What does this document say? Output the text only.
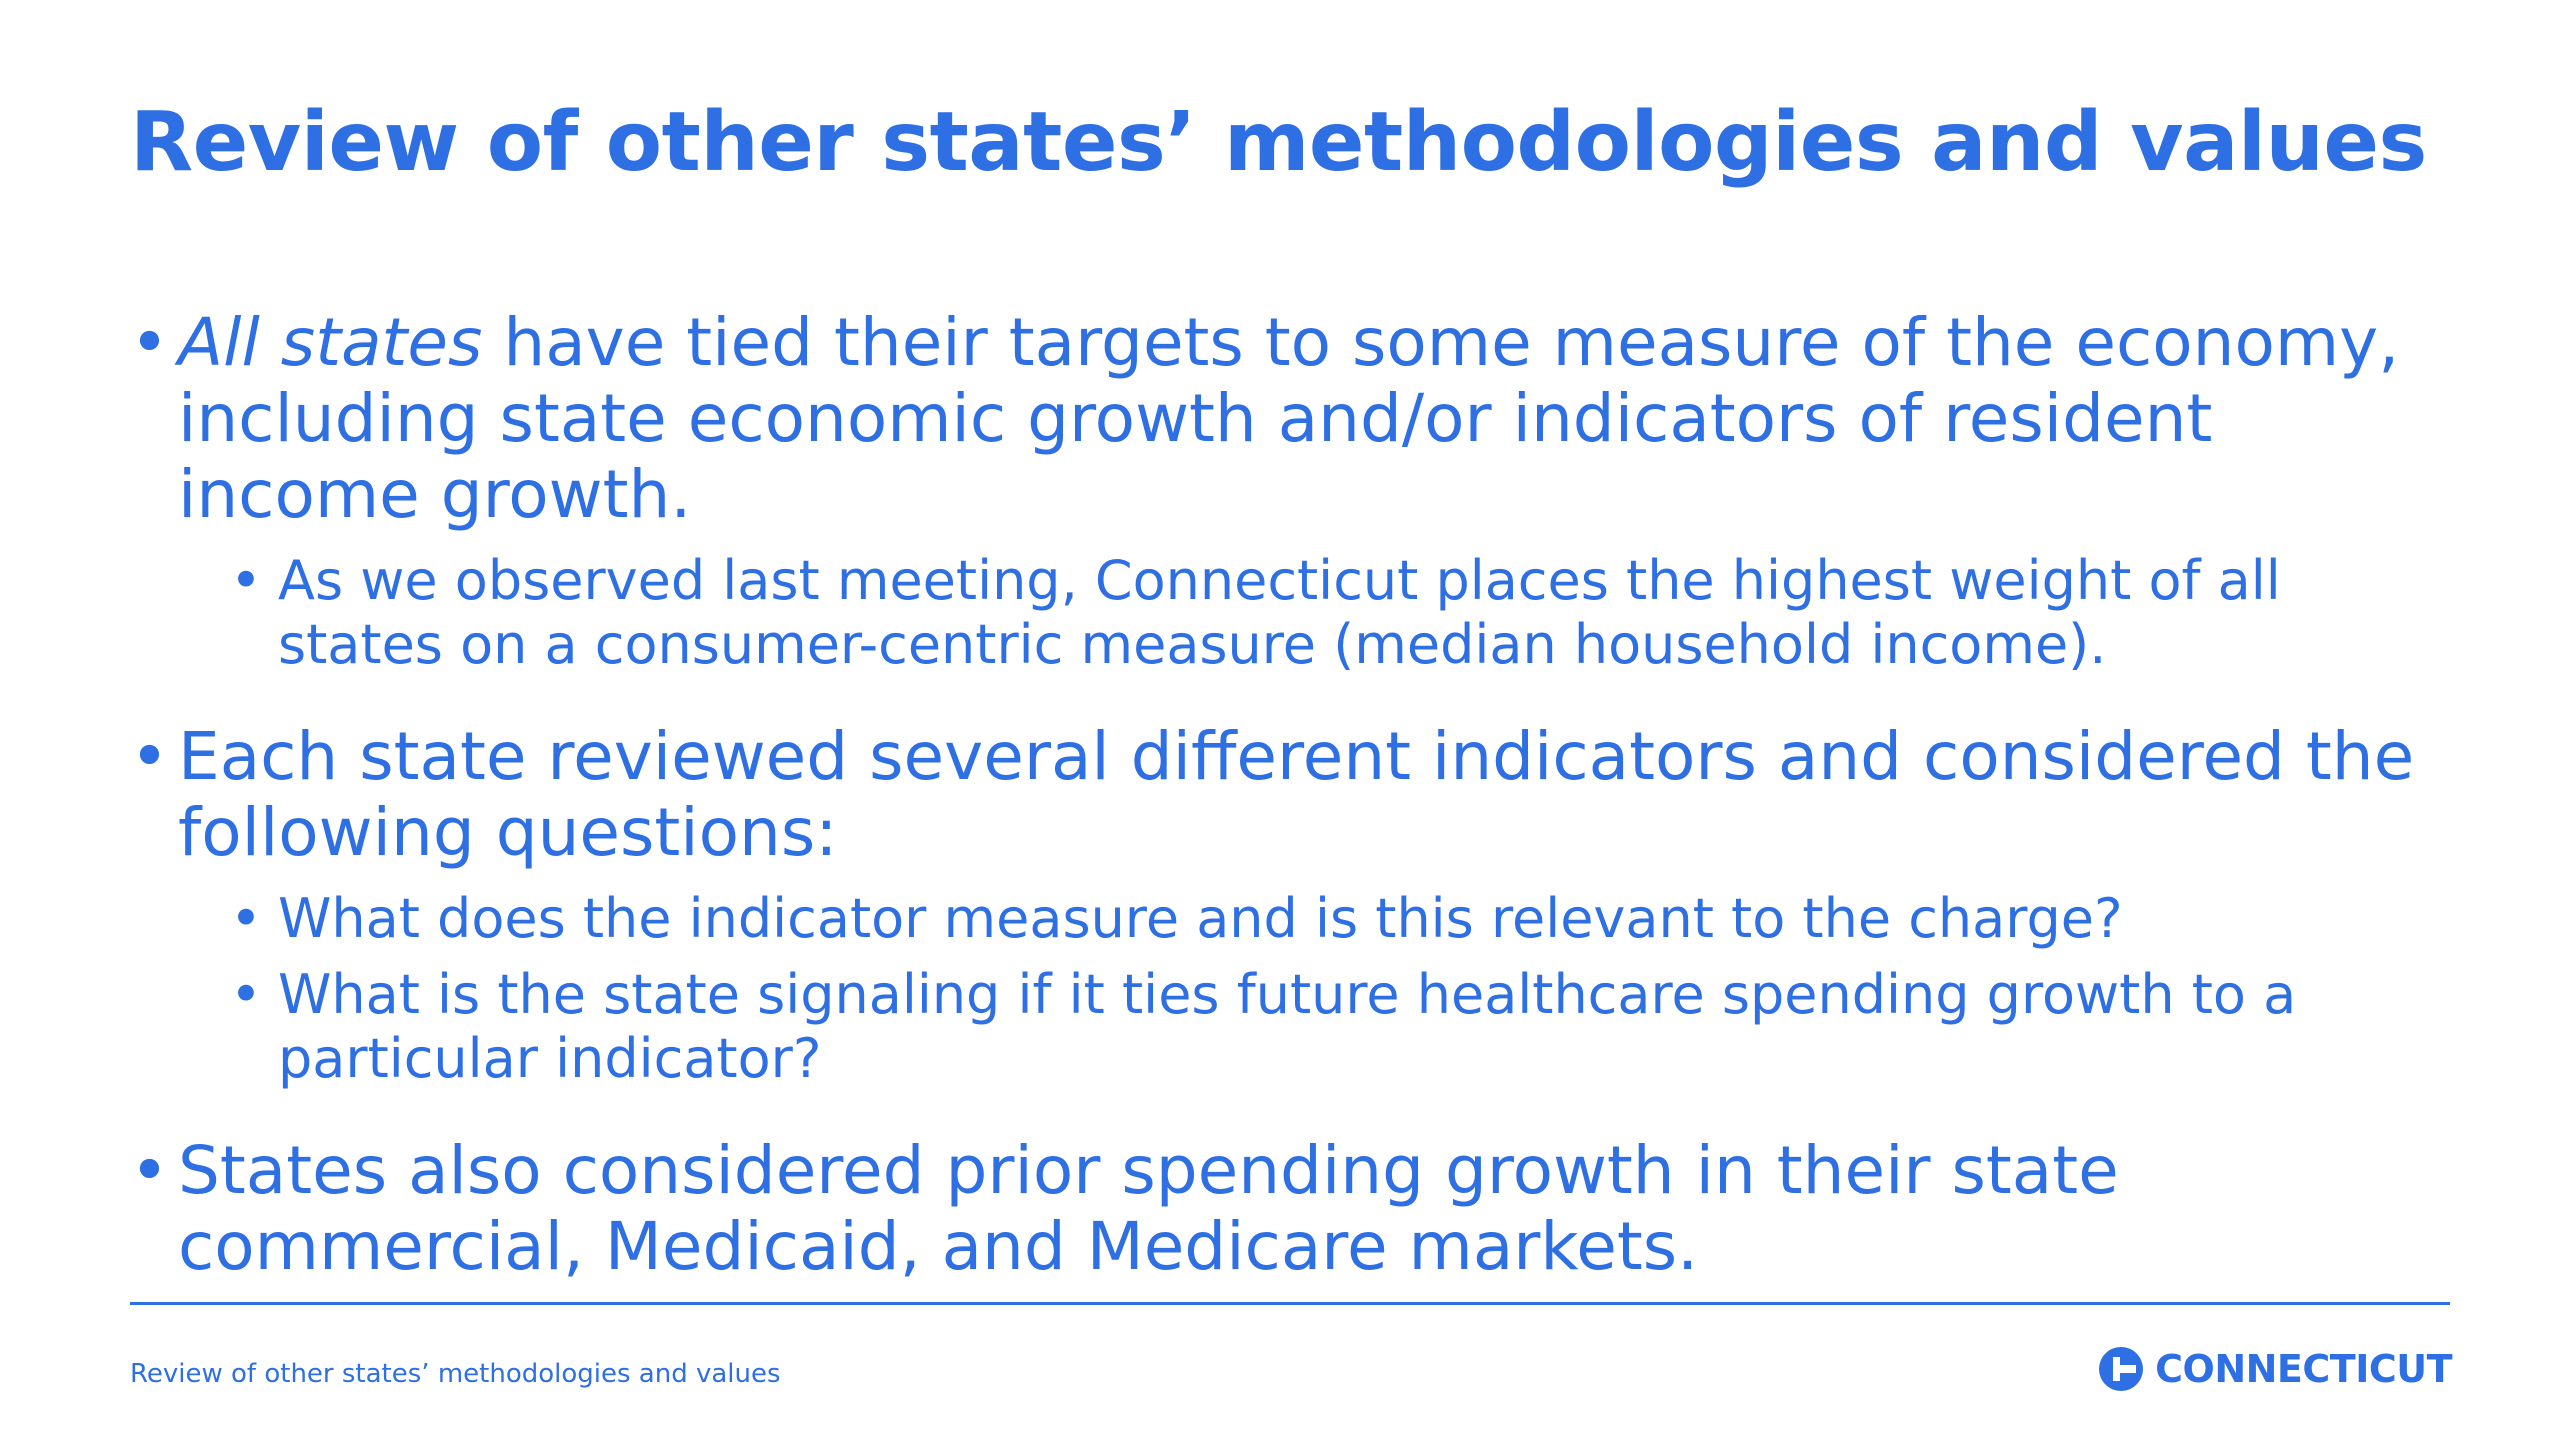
Review of other states’ methodologies and values
• All states have tied their targets to some measure of the economy, including state economic growth and/or indicators of resident income growth.
• As we observed last meeting, Connecticut places the highest weight of all states on a consumer-centric measure (median household income).
• Each state reviewed several different indicators and considered the following questions:
• What does the indicator measure and is this relevant to the charge?
• What is the state signaling if it ties future healthcare spending growth to a particular indicator?
• States also considered prior spending growth in their state commercial, Medicaid, and Medicare markets.
Review of other states’ methodologies and values	CONNECTICUT
